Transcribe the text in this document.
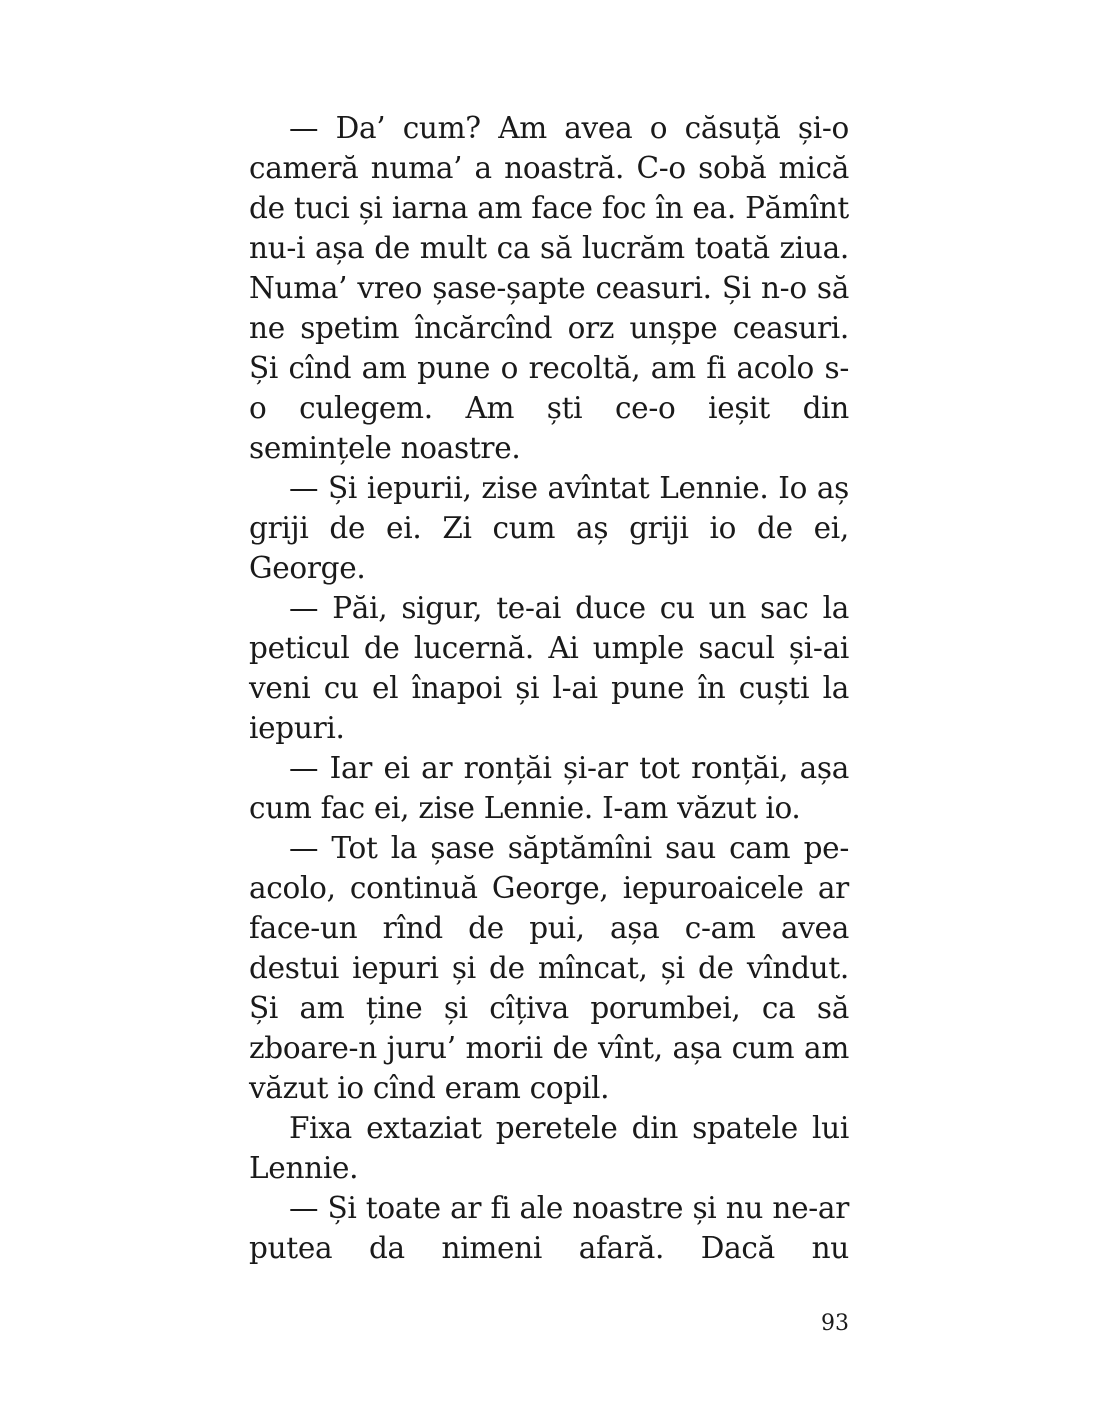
— Da’ cum? Am avea o căsuță și-o cameră numa’ a noastră. C-o sobă mică de tuci și iarna am face foc în ea. Pămînt nu-i așa de mult ca să lucrăm toată ziua. Numa’ vreo șase-șapte ceasuri. Și n-o să ne spetim încărcînd orz unșpe ceasuri. Și cînd am pune o recoltă, am fi acolo s-o culegem. Am ști ce-o ieșit din semințele noastre.

— Și iepurii, zise avîntat Lennie. Io aș griji de ei. Zi cum aș griji io de ei, George.

— Păi, sigur, te-ai duce cu un sac la peticul de lucernă. Ai umple sacul și-ai veni cu el înapoi și l-ai pune în cuști la iepuri.

— Iar ei ar ronțăi și-ar tot ronțăi, așa cum fac ei, zise Lennie. I-am văzut io.

— Tot la șase săptămîni sau cam pe-acolo, continuă George, iepuroaicele ar face-un rînd de pui, așa c-am avea destui iepuri și de mîncat, și de vîndut. Și am ține și cîțiva porumbei, ca să zboare-n juru’ morii de vînt, așa cum am văzut io cînd eram copil.

Fixa extaziat peretele din spatele lui Lennie.

— Și toate ar fi ale noastre și nu ne-ar putea da nimeni afară. Dacă nu

93
